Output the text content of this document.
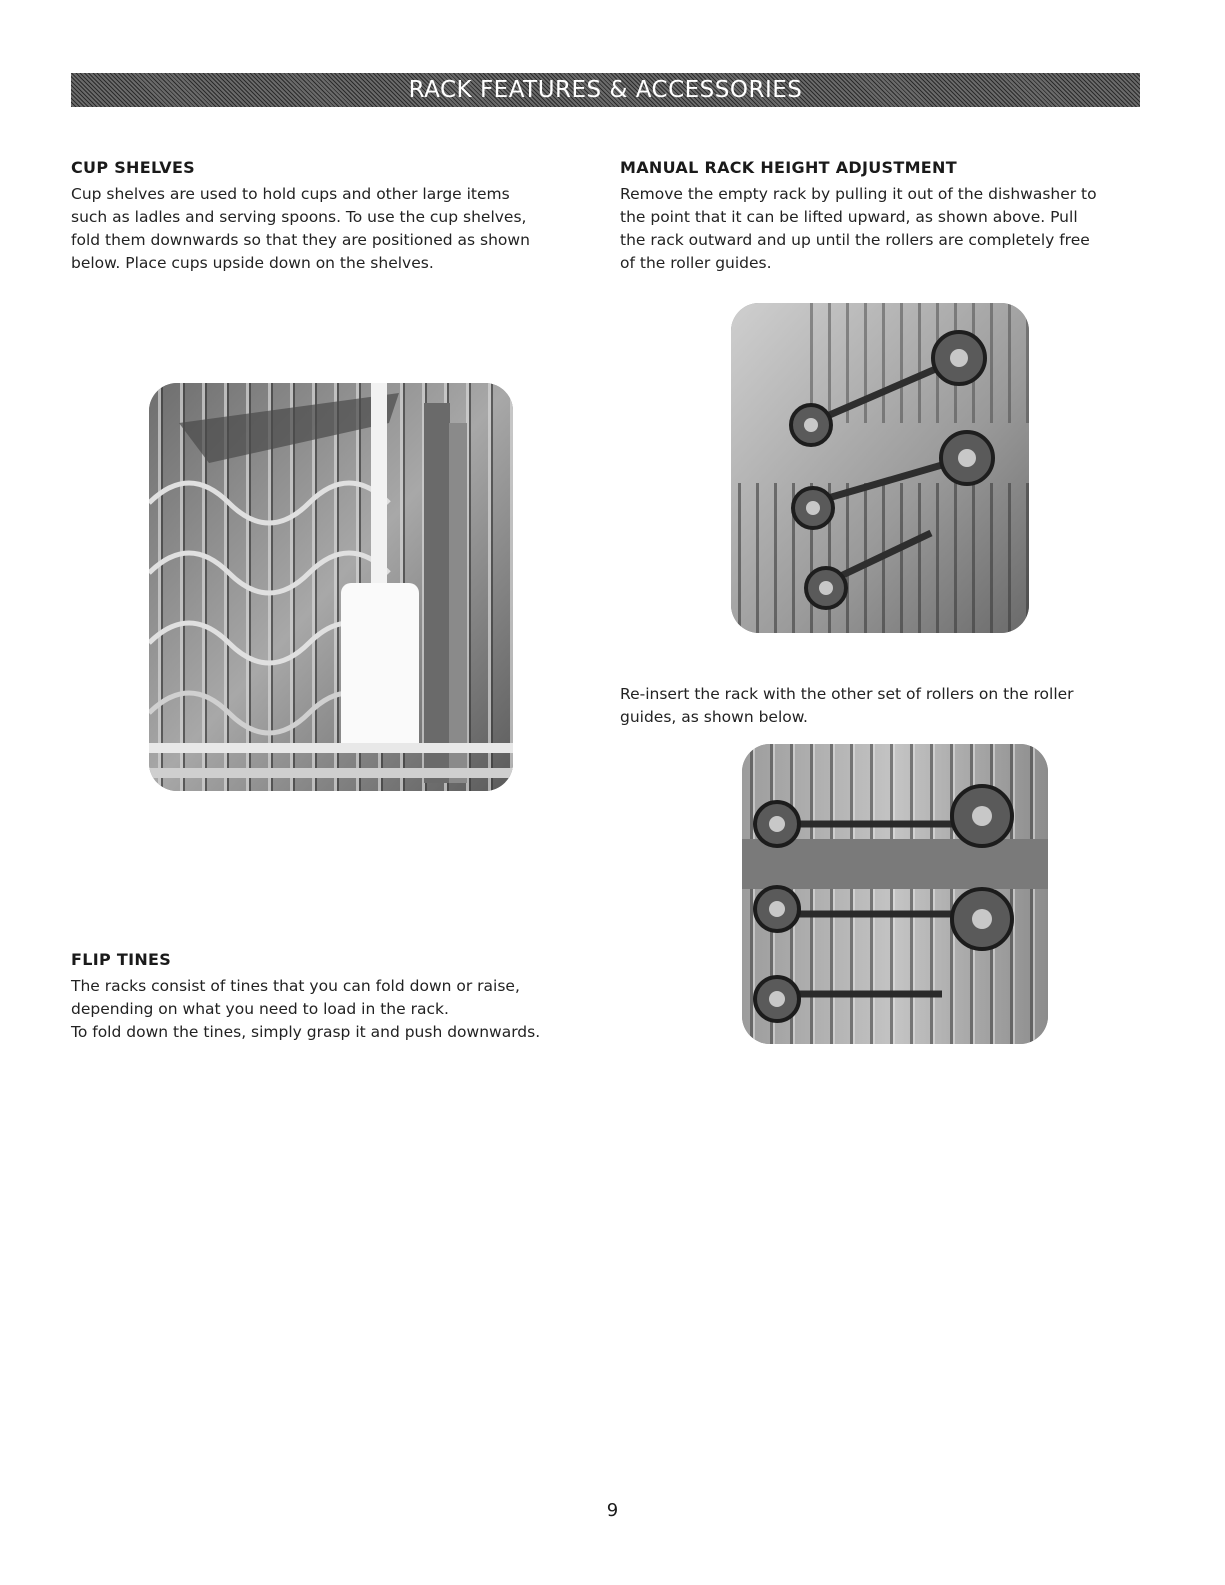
RACK FEATURES & ACCESSORIES
CUP SHELVES
Cup shelves are used to hold cups and other large items
such as ladles and serving spoons. To use the cup shelves,
fold them downwards so that they are positioned as shown
below. Place cups upside down on the shelves.
FLIP TINES
The racks consist of tines that you can fold down or raise,
depending on what you need to load in the rack.
To fold down the tines, simply grasp it and push downwards.
MANUAL RACK HEIGHT ADJUSTMENT
Remove the empty rack by pulling it out of the dishwasher to
the point that it can be lifted upward, as shown above. Pull
the rack outward and up until the rollers are completely free
of the roller guides.
Re-insert the rack with the other set of rollers on the roller
guides, as shown below.
9
